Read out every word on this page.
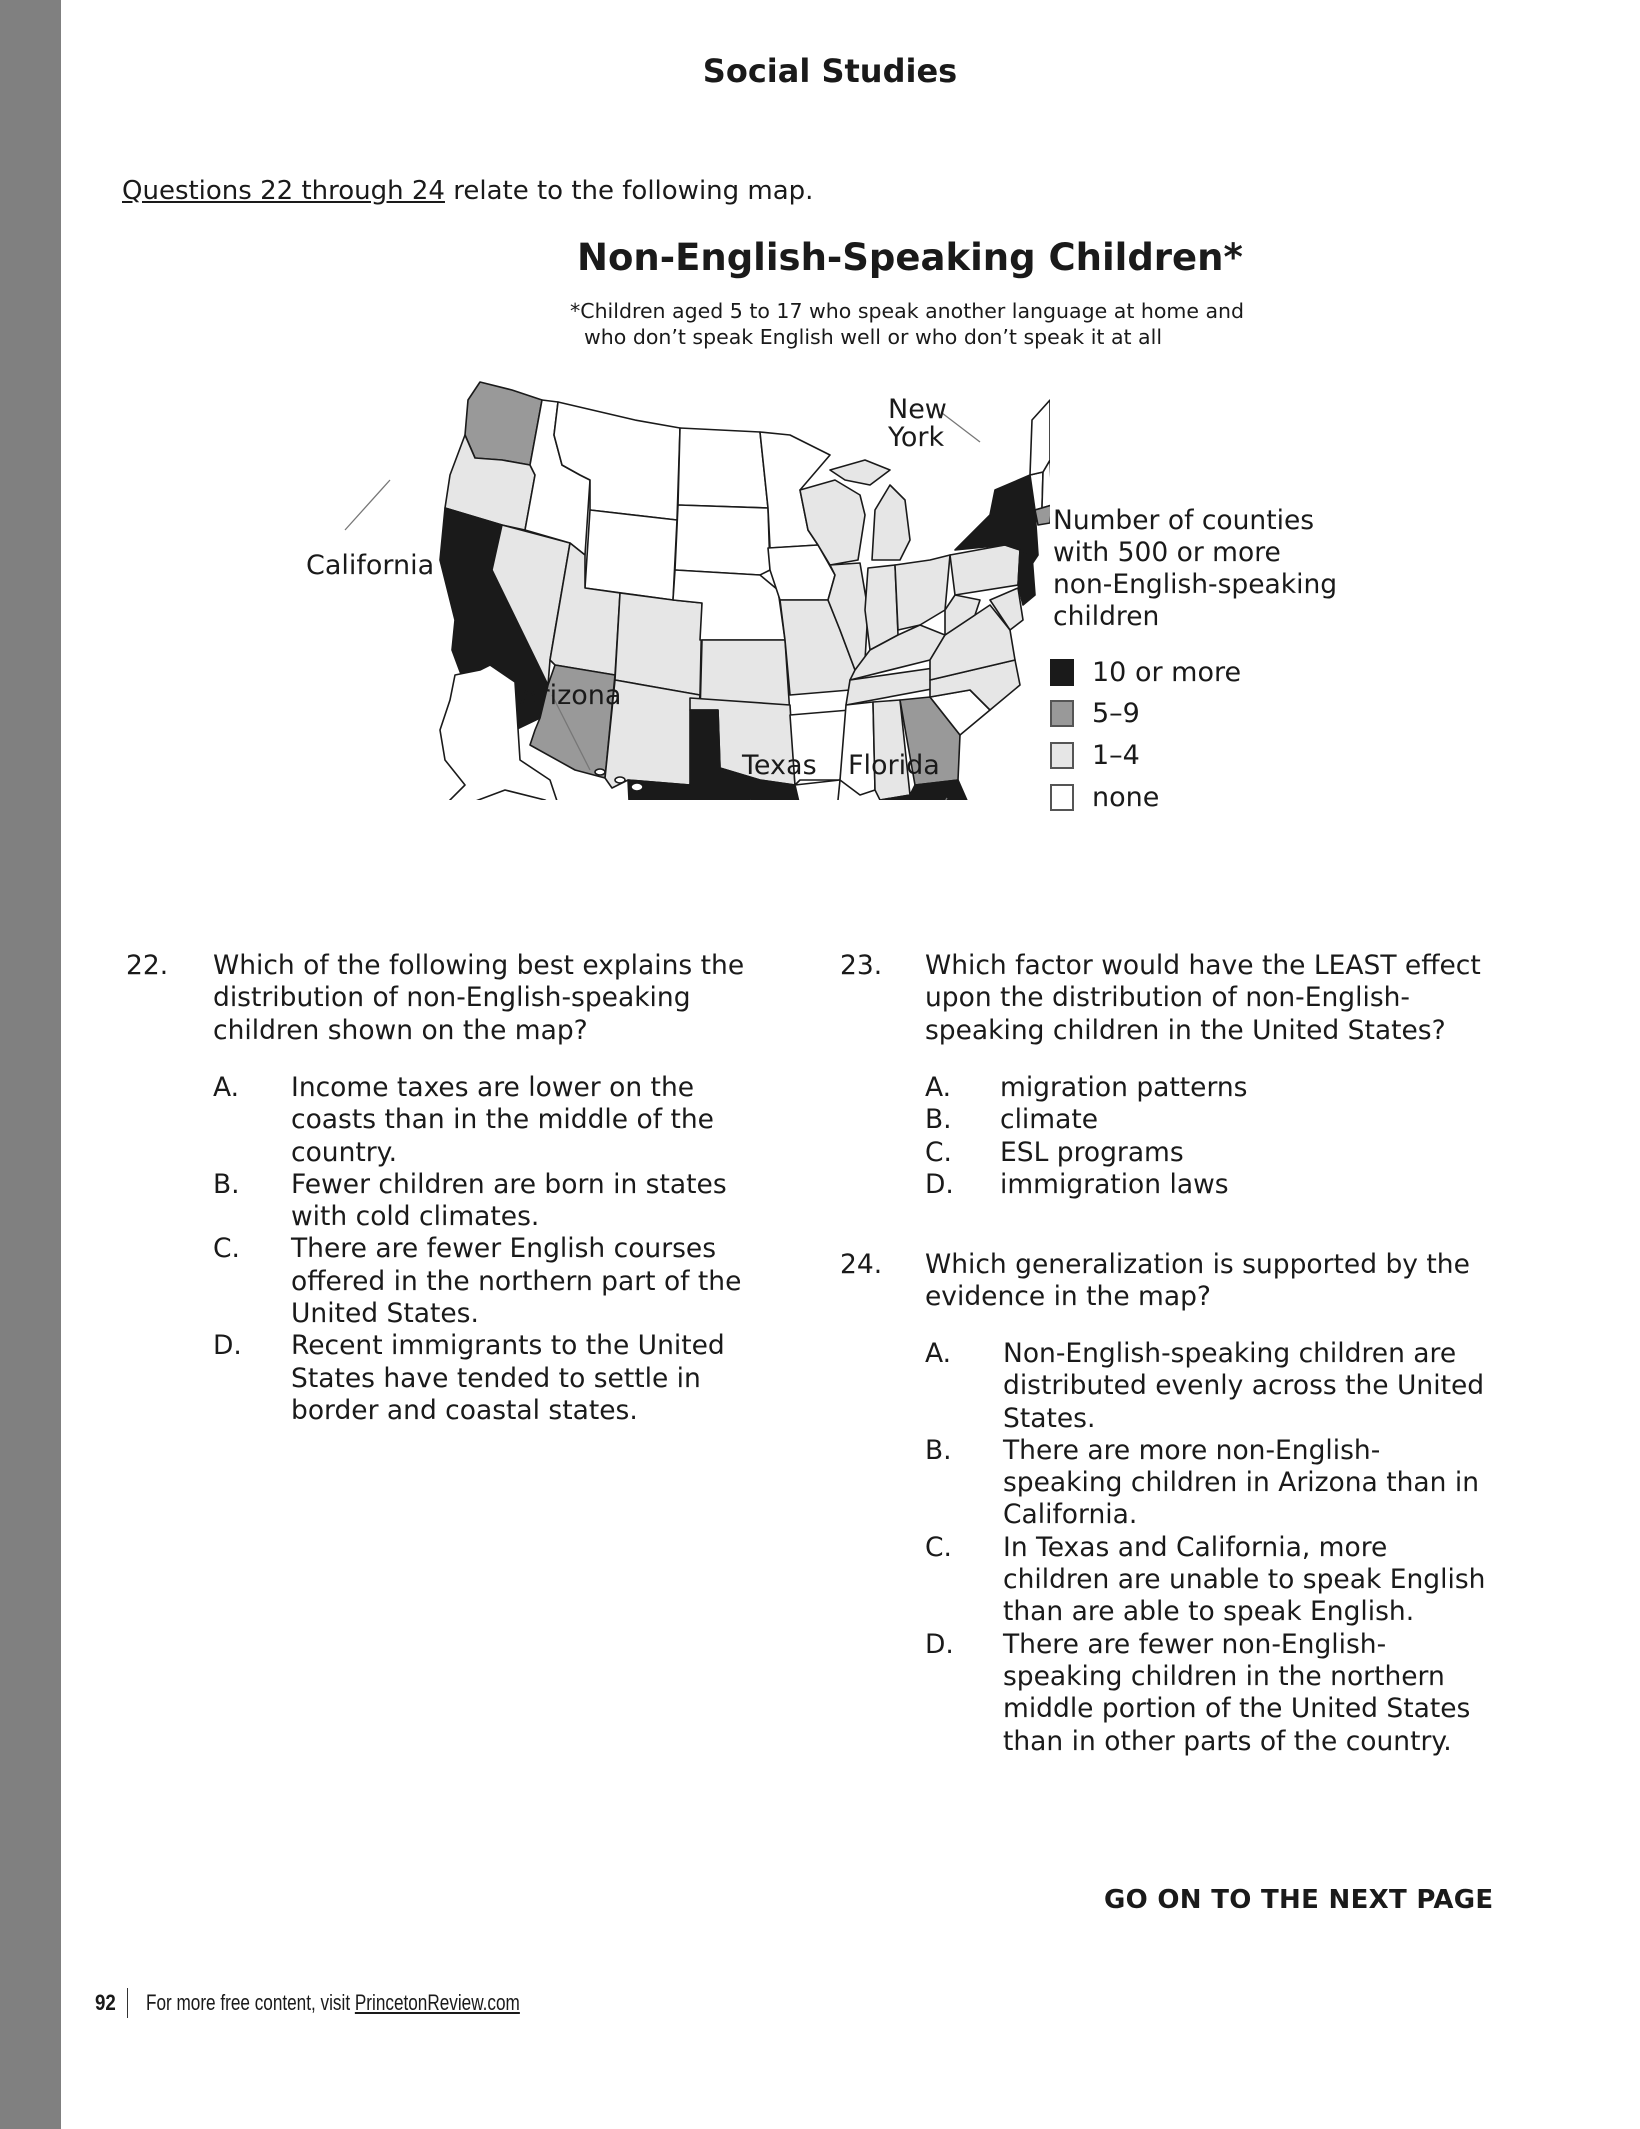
Social Studies
Questions 22 through 24 relate to the following map.
Non-English-Speaking Children*
*Children aged 5 to 17 who speak another language at home and
who don’t speak English well or who don’t speak it at all
California
Arizona
Texas Florida
New
York
Number of counties
with 500 or more
non-English-speaking
children
10 or more
5–9
1–4
none
22. Which of the following best explains the
distribution of non-English-speaking
children shown on the map?
A. Income taxes are lower on the
coasts than in the middle of the
country.
B. Fewer children are born in states
with cold climates.
C. There are fewer English courses
offered in the northern part of the
United States.
D. Recent immigrants to the United
States have tended to settle in
border and coastal states.
23. Which factor would have the LEAST effect
upon the distribution of non-English-
speaking children in the United States?
A. migration patterns
B. climate
C. ESL programs
D. immigration laws
24. Which generalization is supported by the
evidence in the map?
A. Non-English-speaking children are
distributed evenly across the United
States.
B. There are more non-English-
speaking children in Arizona than in
California.
C. In Texas and California, more
children are unable to speak English
than are able to speak English.
D. There are fewer non-English-
speaking children in the northern
middle portion of the United States
than in other parts of the country.
GO ON TO THE NEXT PAGE
92 For more free content, visit PrincetonReview.com
